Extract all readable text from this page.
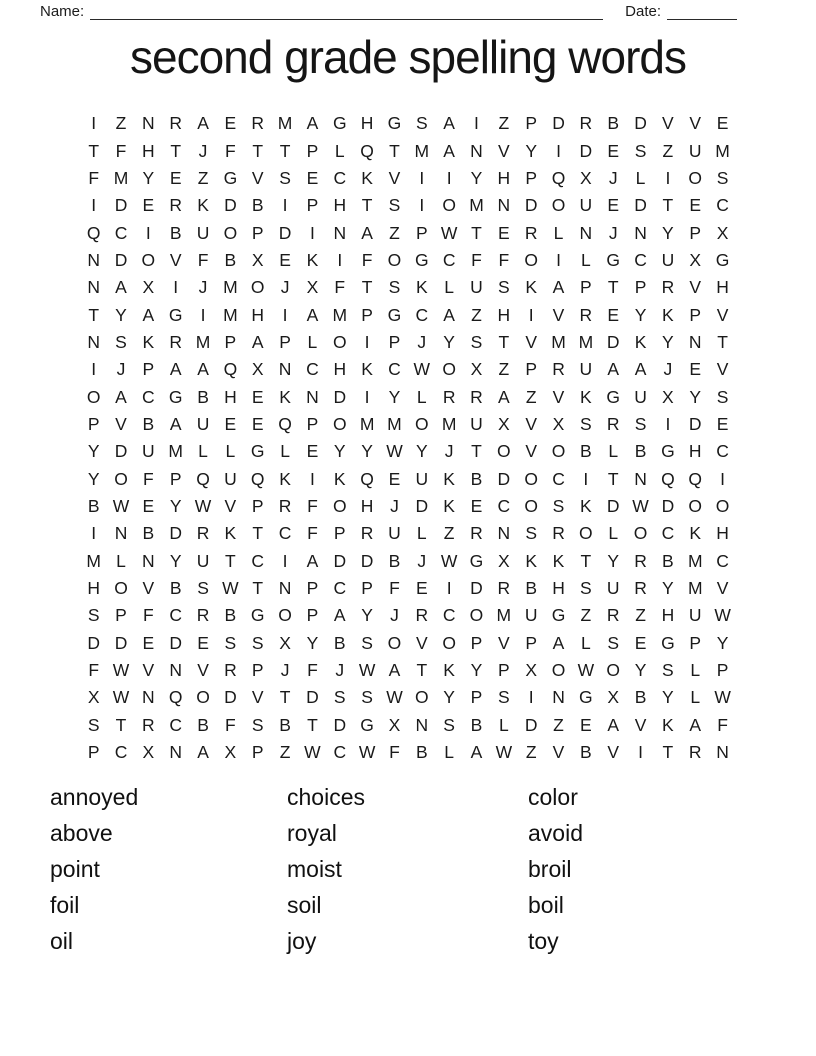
Name:	Date:
second grade spelling words
I	Z N R A E R M A G H G S A	I	Z P D R B D V V E
T F H T	J	F T T P L Q T M A N V Y	I	D E S Z U M
F M Y E Z G V S E C K V	I	I	Y H P Q X J	L	I	O S
I	D E R K D B	I	P H T S	I	O M N D O U E D T E C
Q C	I	B U O P D	I	N A Z P W T E R L N J N Y P X
N D O V F B X E K	I	F O G C F F O	I	L G C U X G
N A X	I	J M O J X F T S K L U S K A P T P R V H
T Y A G	I	M H	I	A M P G C A Z H	I	V R E Y K P V
N S K R M P A P L O	I	P J Y S T V M M D K Y N T
I	J P A A Q X N C H K C W O X Z P R U A A J E V
O A C G B H E K N D	I	Y L R R A Z V K G U X Y S
P V B A U E E Q P O M M O M U X V X S R S	I	D E
Y D U M L	L G L E Y Y W Y J	T O V O B L B G H C
Y O F P Q U Q K	I	K Q E U K B D O C	I	T N Q Q	I
B W E Y W V P R F O H J D K E C O S K D W D O O
I	N B D R K T C F P R U L Z R N S R O L O C K H
M L N Y U T C	I	A D D B J W G X K K T Y R B M C
H O V B S W T N P C P F E	I	D R B H S U R Y M V
S P F C R B G O P A Y J R C O M U G Z R Z H U W
D D E D E S S X Y B S O V O P V P A L S E G P Y
F W V N V R P J	F	J W A T K Y P X O W O Y S L P
X W N Q O D V T D S S W O Y P S	I	N G X B Y L W
S T R C B F S B T D G X N S B L D Z E A V K A F
P C X N A X P Z W C W F B L A W Z V B V	I	T R N
annoyed
above
point
foil
oil
choices
royal
moist
soil
joy
color
avoid
broil
boil
toy
